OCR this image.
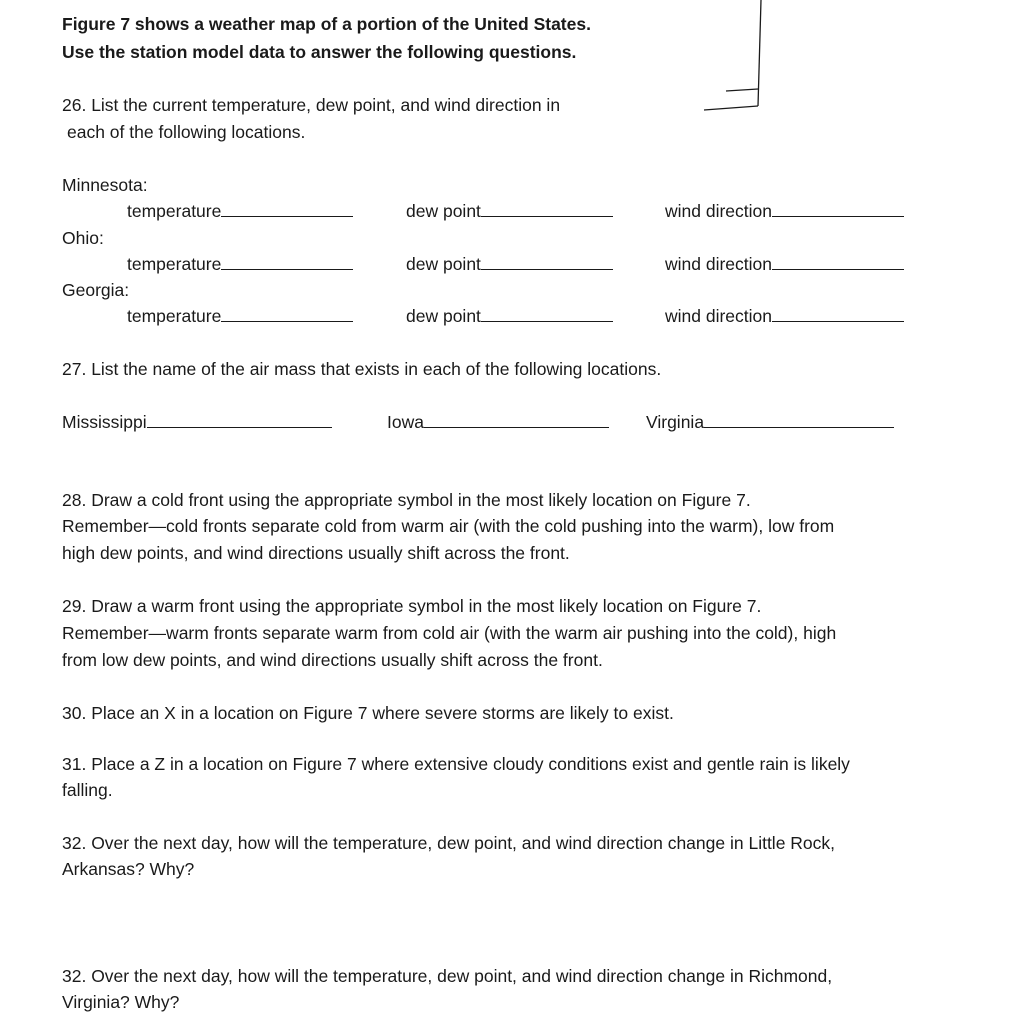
Figure 7 shows a weather map of a portion of the United States.
Use the station model data to answer the following questions.
26. List the current temperature, dew point, and wind direction in
each of the following locations.
Minnesota:
temperature	dew point	wind direction
Ohio:
temperature	dew point	wind direction
Georgia:
temperature	dew point	wind direction
27. List the name of the air mass that exists in each of the following locations.
Mississippi	Iowa	Virginia
28. Draw a cold front using the appropriate symbol in the most likely location on Figure 7.
Remember—cold fronts separate cold from warm air (with the cold pushing into the warm), low from
high dew points, and wind directions usually shift across the front.
29. Draw a warm front using the appropriate symbol in the most likely location on Figure 7.
Remember—warm fronts separate warm from cold air (with the warm air pushing into the cold), high
from low dew points, and wind directions usually shift across the front.
30. Place an X in a location on Figure 7 where severe storms are likely to exist.
31. Place a Z in a location on Figure 7 where extensive cloudy conditions exist and gentle rain is likely
falling.
32. Over the next day, how will the temperature, dew point, and wind direction change in Little Rock,
Arkansas? Why?
32. Over the next day, how will the temperature, dew point, and wind direction change in Richmond,
Virginia? Why?
